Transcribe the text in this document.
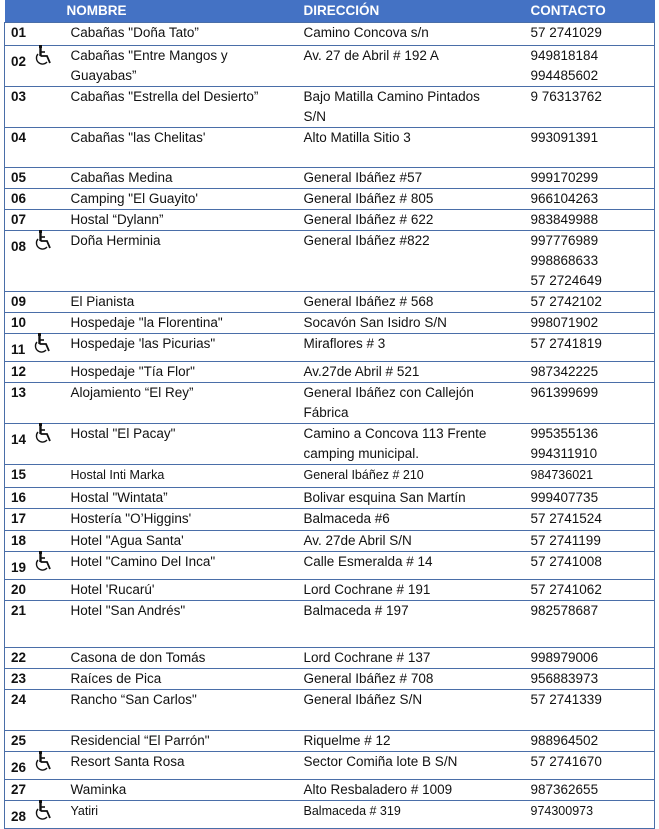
	NOMBRE	DIRECCIÓN	CONTACTO
01	Cabañas "Doña Tato”	Camino Concova s/n	57 2741029

02	Cabañas "Entre Mangos y
Guayabas”	Av. 27 de Abril # 192 A	949818184
994485602

03	Cabañas "Estrella del Desierto”	Bajo Matilla Camino Pintados
S/N	9 76313762

04	Cabañas "las Chelitas'	Alto Matilla Sitio 3	993091391

05	Cabañas Medina	General Ibáñez #57	999170299

06	Camping "El Guayito'	General Ibáñez # 805	966104263

07	Hostal “Dylann”	General Ibáñez # 622	983849988

08	Doña Herminia	General Ibáñez #822	997776989
998868633
57 2724649

09	El Pianista	General Ibáñez # 568	57 2742102

10	Hospedaje "la Florentina"	Socavón San Isidro S/N	998071902

11	Hospedaje 'las Picurias"	Miraflores # 3	57 2741819

12	Hospedaje "Tía Flor"	Av.27de Abril # 521	987342225

13	Alojamiento “El Rey”	General Ibáñez con Callejón
Fábrica	961399699

14	Hostal "El Pacay"	Camino a Concova 113 Frente
camping municipal.	995355136
994311910

15	Hostal Inti Marka	General Ibáñez # 210	984736021

16	Hostal "Wintata”	Bolivar esquina San Martín	999407735

17	Hostería "O’Higgins'	Balmaceda #6	57 2741524

18	Hotel "Agua Santa'	Av. 27de Abril S/N	57 2741199

19	Hotel "Camino Del Inca"	Calle Esmeralda # 14	57 2741008

20	Hotel 'Rucarú'	Lord Cochrane # 191	57 2741062

21	Hotel "San Andrés"	Balmaceda # 197	982578687

22	Casona de don Tomás	Lord Cochrane # 137	998979006

23	Raíces de Pica	General Ibáñez # 708	956883973

24	Rancho “San Carlos"	General Ibáñez S/N	57 2741339

25	Residencial “El Parrón"	Riquelme # 12	988964502

26	Resort Santa Rosa	Sector Comiña lote B S/N	57 2741670

27	Waminka	Alto Resbaladero # 1009	987362655

28	Yatiri	Balmaceda # 319	974300973
